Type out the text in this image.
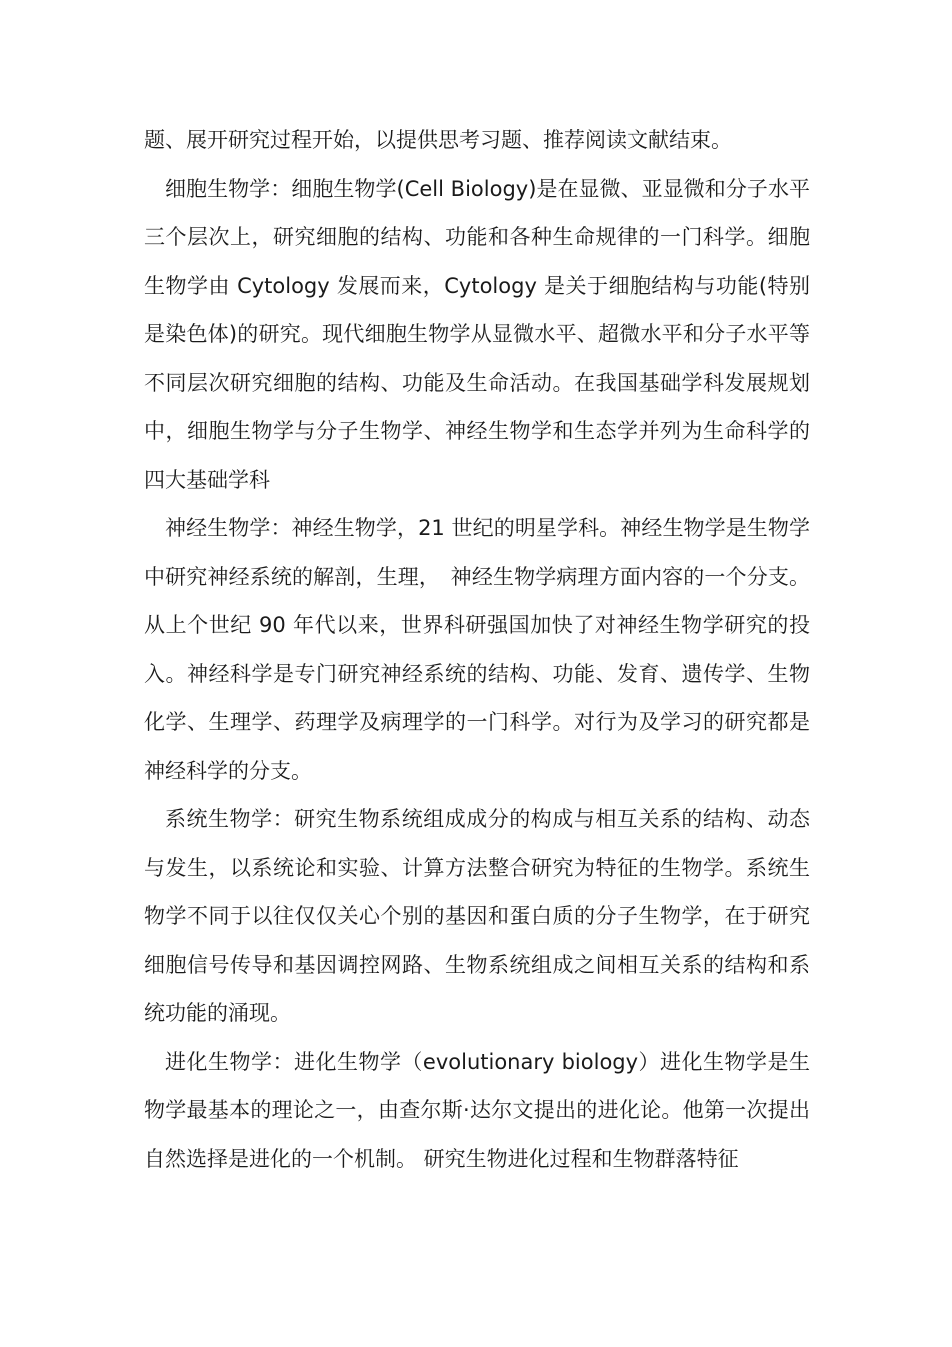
题、展开研究过程开始，以提供思考习题、推荐阅读文献结束。

细胞生物学：细胞生物学(Cell Biology)是在显微、亚显微和分子水平三个层次上，研究细胞的结构、功能和各种生命规律的一门科学。细胞生物学由 Cytology 发展而来，Cytology 是关于细胞结构与功能(特别是染色体)的研究。现代细胞生物学从显微水平、超微水平和分子水平等不同层次研究细胞的结构、功能及生命活动。在我国基础学科发展规划中，细胞生物学与分子生物学、神经生物学和生态学并列为生命科学的四大基础学科

神经生物学：神经生物学，21 世纪的明星学科。神经生物学是生物学中研究神经系统的解剖，生理，　神经生物学病理方面内容的一个分支。从上个世纪 90 年代以来，世界科研强国加快了对神经生物学研究的投入。神经科学是专门研究神经系统的结构、功能、发育、遗传学、生物化学、生理学、药理学及病理学的一门科学。对行为及学习的研究都是神经科学的分支。

系统生物学：研究生物系统组成成分的构成与相互关系的结构、动态与发生，以系统论和实验、计算方法整合研究为特征的生物学。系统生物学不同于以往仅仅关心个别的基因和蛋白质的分子生物学，在于研究细胞信号传导和基因调控网路、生物系统组成之间相互关系的结构和系统功能的涌现。

进化生物学：进化生物学（evolutionary biology）进化生物学是生物学最基本的理论之一，由查尔斯·达尔文提出的进化论。他第一次提出自然选择是进化的一个机制。 研究生物进化过程和生物群落特征
